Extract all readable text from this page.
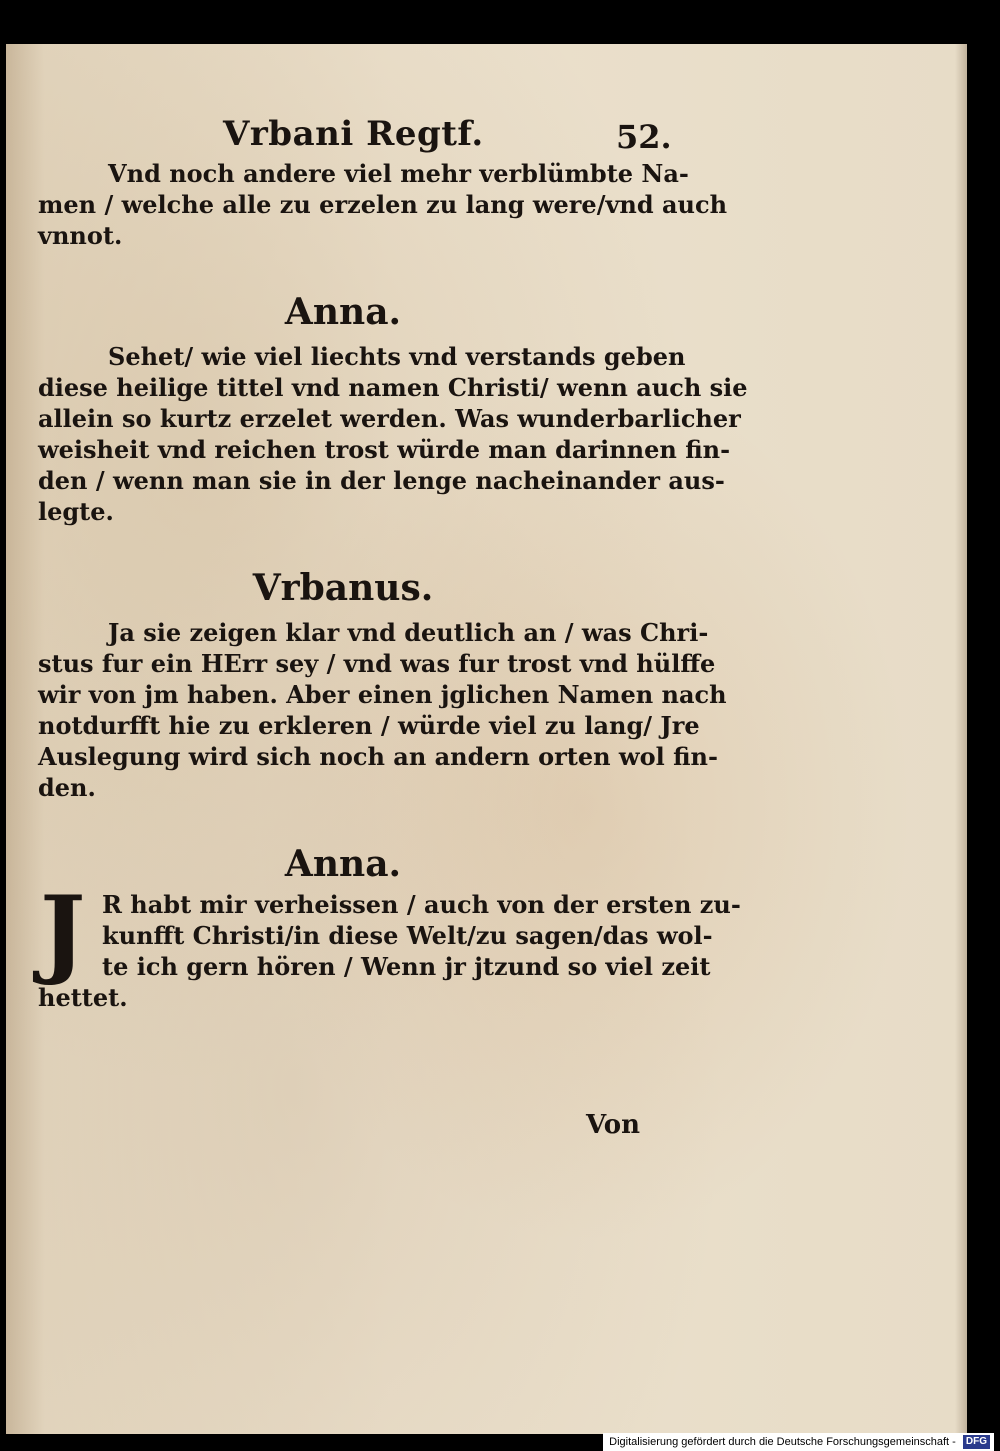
Vrbani Regtf.	52.

Vnd noch andere viel mehr verblümbte Na-
men / welche alle zu erzelen zu lang were/vnd auch
vnnot.

Anna.

Sehet/ wie viel liechts vnd verstands geben
diese heilige tittel vnd namen Christi/ wenn auch sie
allein so kurtz erzelet werden. Was wunderbarlicher
weisheit vnd reichen trost würde man darinnen fin-
den / wenn man sie in der lenge nacheinander aus-
legte.

Vrbanus.

Ja sie zeigen klar vnd deutlich an / was Chri-
stus fur ein HErr sey / vnd was fur trost vnd hülffe
wir von jm haben. Aber einen jglichen Namen nach
notdurfft hie zu erkleren / würde viel zu lang/ Jre
Auslegung wird sich noch an andern orten wol fin-
den.

Anna.

J R habt mir verheissen / auch von der ersten zu-
kunfft Christi/in diese Welt/zu sagen/das wol-
te ich gern hören / Wenn jr jtzund so viel zeit
hettet.

Von
Digitalisierung gefördert durch die Deutsche Forschungsgemeinschaft - DFG
